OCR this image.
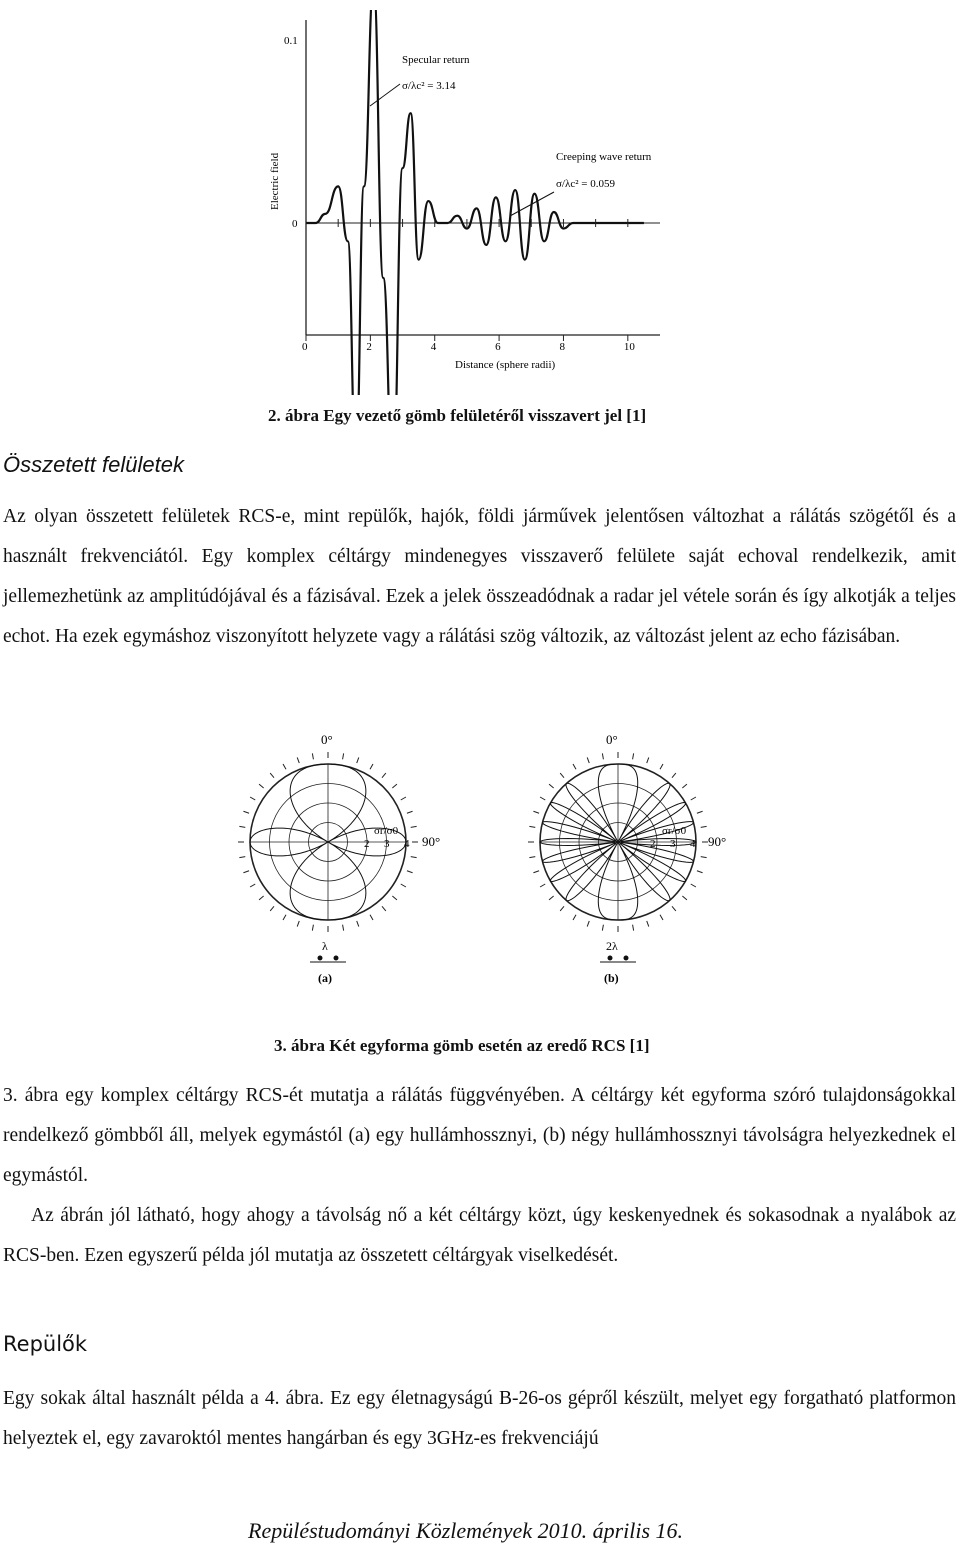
0	2	4	6	8	10
0.1
0
Electric field
Distance (sphere radii)
Specular return
σ/λc² = 3.14
Creeping wave return
σ/λc² = 0.059
2. ábra Egy vezető gömb felületéről visszavert jel [1]
Összetett felületek
Az olyan összetett felületek RCS-e, mint repülők, hajók, földi járművek jelentősen változhat a rálátás szögétől és a használt frekvenciától. Egy komplex céltárgy mindenegyes visszaverő felülete saját echoval rendelkezik, amit jellemezhetünk az amplitúdójával és a fázisával. Ezek a jelek összeadódnak a radar jel vétele során és így alkotják a teljes echot. Ha ezek egymáshoz viszonyított helyzete vagy a rálátási szög változik, az változást jelent az echo fázisában.
0°
90°
σr/σ0
2 3 4
λ
(a)
0°
90°
σr/σ0
2 3 4
2λ
(b)
3. ábra Két egyforma gömb esetén az eredő RCS [1]
3. ábra egy komplex céltárgy RCS-ét mutatja a rálátás függvényében. A céltárgy két egyforma szóró tulajdonságokkal rendelkező gömbből áll, melyek egymástól (a) egy hullámhossznyi, (b) négy hullámhossznyi távolságra helyezkednek el egymástól.
Az ábrán jól látható, hogy ahogy a távolság nő a két céltárgy közt, úgy keskenyednek és sokasodnak a nyalábok az RCS-ben. Ezen egyszerű példa jól mutatja az összetett céltárgyak viselkedését.
Repülők
Egy sokak által használt példa a 4. ábra. Ez egy életnagyságú B-26-os gépről készült, melyet egy forgatható platformon helyeztek el, egy zavaroktól mentes hangárban és egy 3GHz-es frekvenciájú
Repüléstudományi Közlemények 2010. április 16.
